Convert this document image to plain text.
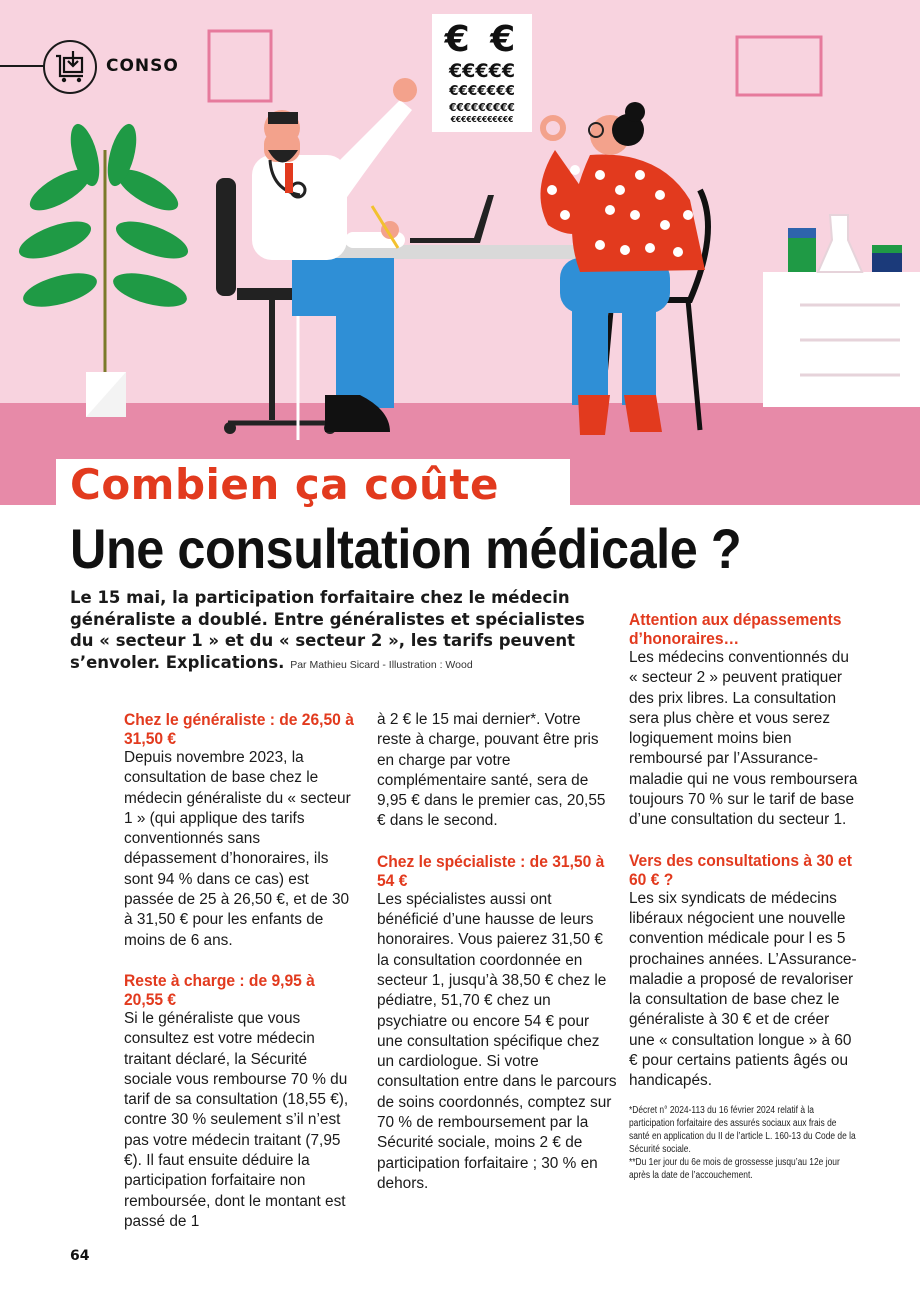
€ €
€€€€€
€€€€€€€
€€€€€€€€€
€€€€€€€€€€€€
CONSO
Combien ça coûte
Une consultation médicale ?
Le 15 mai, la participation forfaitaire chez le médecin généraliste a doublé. Entre généralistes et spécialistes du « secteur 1 » et du « secteur 2 », les tarifs peuvent s’envoler. Explications. Par Mathieu Sicard - Illustration : Wood
Chez le généraliste : de 26,50 à 31,50 €

Depuis novembre 2023, la consultation de base chez le médecin généraliste du « secteur 1 » (qui applique des tarifs conventionnés sans dépassement d’honoraires, ils sont 94 % dans ce cas) est passée de 25 à 26,50 €, et de 30 à 31,50 € pour les enfants de moins de 6 ans.

Reste à charge : de 9,95 à 20,55 €

Si le généraliste que vous consultez est votre médecin traitant déclaré, la Sécurité sociale vous rembourse 70 % du tarif de sa consultation (18,55 €), contre 30 % seulement s’il n’est pas votre médecin traitant (7,95 €). Il faut ensuite déduire la participation forfaitaire non remboursée, dont le montant est passé de 1

à 2 € le 15 mai dernier*. Votre reste à charge, pouvant être pris en charge par votre complémentaire santé, sera de 9,95 € dans le premier cas, 20,55 € dans le second.

Chez le spécialiste : de 31,50 à 54 €

Les spécialistes aussi ont bénéficié d’une hausse de leurs honoraires. Vous paierez 31,50 € la consultation coordonnée en secteur 1, jusqu’à 38,50 € chez le pédiatre, 51,70 € chez un psychiatre ou encore 54 € pour une consultation spécifique chez un cardiologue. Si votre consultation entre dans le parcours de soins coordonnés, comptez sur 70 % de remboursement par la Sécurité sociale, moins 2 € de participation forfaitaire ; 30 % en dehors.

Attention aux dépassements d’honoraires…

Les médecins conventionnés du « secteur 2 » peuvent pratiquer des prix libres. La consultation sera plus chère et vous serez logiquement moins bien remboursé par l’Assurance-maladie qui ne vous remboursera toujours 70 % sur le tarif de base d’une consultation du secteur 1.

Vers des consultations à 30 et 60 € ?

Les six syndicats de médecins libéraux négocient une nouvelle convention médicale pour l es 5 prochaines années. L’Assurance-maladie a proposé de revaloriser la consultation de base chez le généraliste à 30 € et de créer une « consultation longue » à 60 € pour certains patients âgés ou handicapés.

*Décret n° 2024-113 du 16 février 2024 relatif à la participation forfaitaire des assurés sociaux aux frais de santé en application du II de l’article L. 160-13 du Code de la Sécurité sociale.
**Du 1er jour du 6e mois de grossesse jusqu’au 12e jour après la date de l’accouchement.
64
